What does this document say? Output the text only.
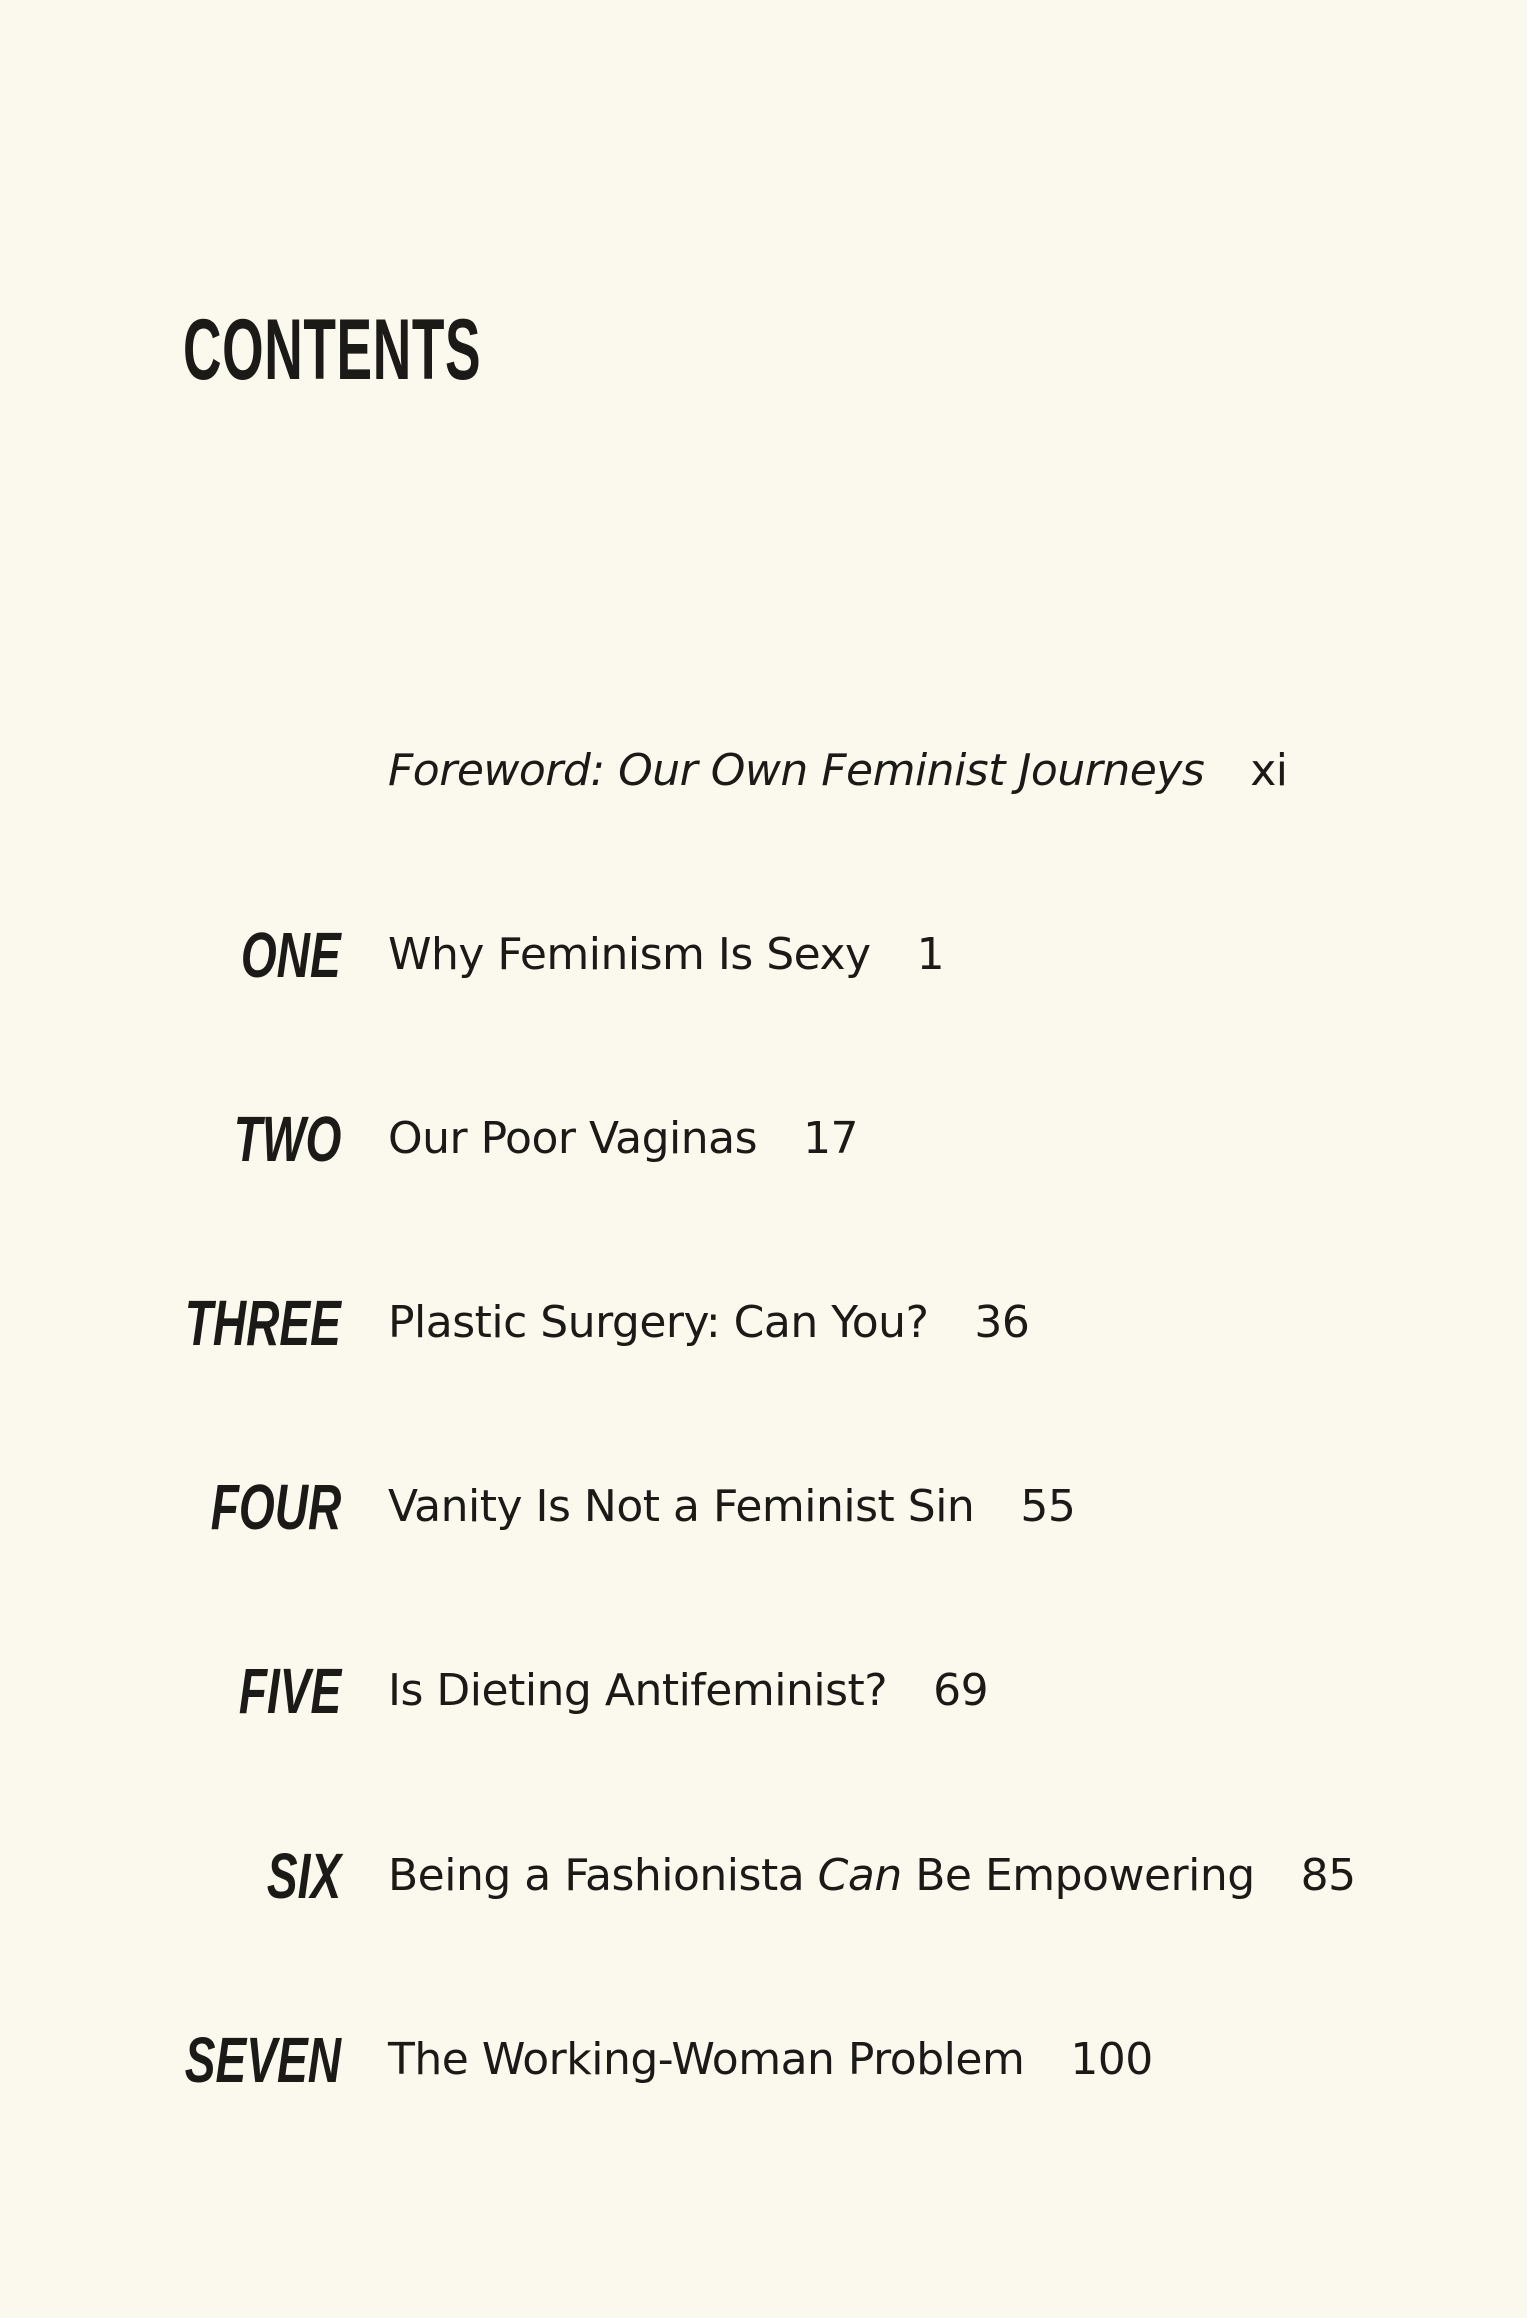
CONTENTS
Foreword: Our Own Feminist Journeys xi
ONE Why Feminism Is Sexy 1
TWO Our Poor Vaginas 17
THREE Plastic Surgery: Can You? 36
FOUR Vanity Is Not a Feminist Sin 55
FIVE Is Dieting Antifeminist? 69
SIX Being a Fashionista Can Be Empowering 85
SEVEN The Working-Woman Problem 100
